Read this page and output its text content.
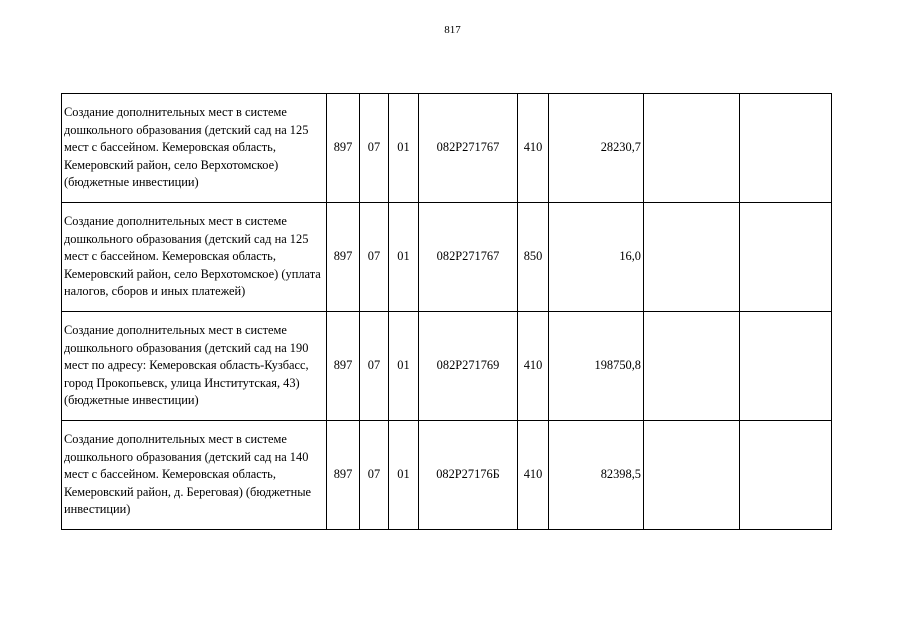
817
Создание дополнительных мест в системе дошкольного образования (детский сад на 125 мест с бассейном. Кемеровская область, Кемеровский район, село Верхотомское) (бюджетные инвестиции)	897	07	01	082P271767	410	28230,7		
Создание дополнительных мест в системе дошкольного образования (детский сад на 125 мест с бассейном. Кемеровская область, Кемеровский район, село Верхотомское) (уплата налогов, сборов и иных платежей)	897	07	01	082P271767	850	16,0		
Создание дополнительных мест в системе дошкольного образования (детский сад на 190 мест по адресу: Кемеровская область-Кузбасс, город Прокопьевск, улица Институтская, 43) (бюджетные инвестиции)	897	07	01	082P271769	410	198750,8		
Создание дополнительных мест в системе дошкольного образования (детский сад на 140 мест с бассейном. Кемеровская область, Кемеровский район, д. Береговая) (бюджетные инвестиции)	897	07	01	082P27176Б	410	82398,5		
